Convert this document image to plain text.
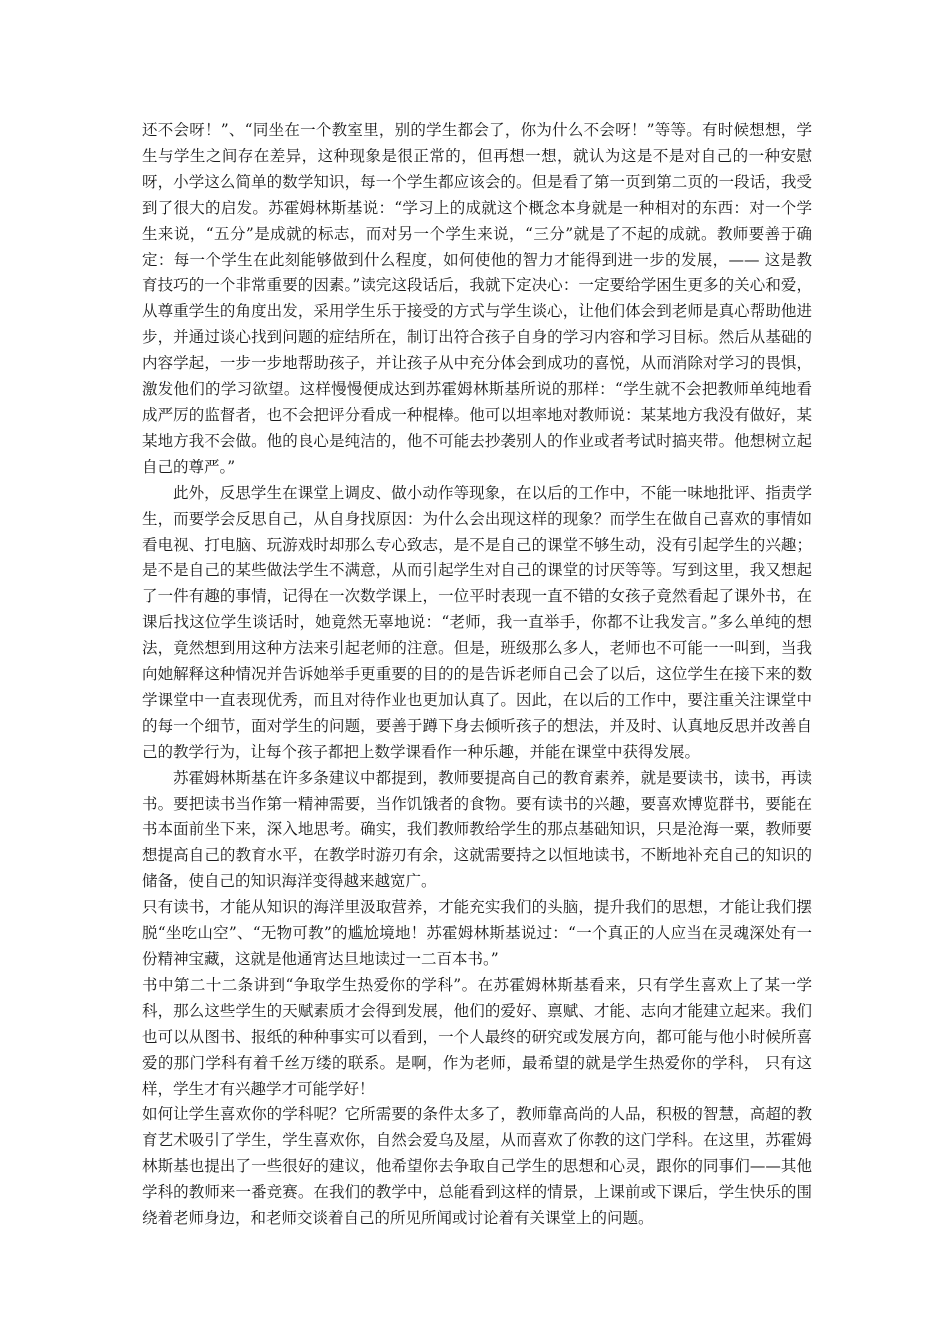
还不会呀！”、“同坐在一个教室里，别的学生都会了，你为什么不会呀！”等等。有时候想想，学生与学生之间存在差异，这种现象是很正常的，但再想一想，就认为这是不是对自己的一种安慰呀，小学这么简单的数学知识，每一个学生都应该会的。但是看了第一页到第二页的一段话，我受到了很大的启发。苏霍姆林斯基说：“学习上的成就这个概念本身就是一种相对的东西：对一个学生来说，“五分”是成就的标志，而对另一个学生来说，“三分”就是了不起的成就。教师要善于确定：每一个学生在此刻能够做到什么程度，如何使他的智力才能得到进一步的发展，—— 这是教育技巧的一个非常重要的因素。”读完这段话后，我就下定决心：一定要给学困生更多的关心和爱，从尊重学生的角度出发，采用学生乐于接受的方式与学生谈心，让他们体会到老师是真心帮助他进步，并通过谈心找到问题的症结所在，制订出符合孩子自身的学习内容和学习目标。然后从基础的内容学起，一步一步地帮助孩子，并让孩子从中充分体会到成功的喜悦，从而消除对学习的畏惧，激发他们的学习欲望。这样慢慢便成达到苏霍姆林斯基所说的那样：“学生就不会把教师单纯地看成严厉的监督者，也不会把评分看成一种棍棒。他可以坦率地对教师说：某某地方我没有做好，某某地方我不会做。他的良心是纯洁的，他不可能去抄袭别人的作业或者考试时搞夹带。他想树立起自己的尊严。”

此外，反思学生在课堂上调皮、做小动作等现象，在以后的工作中，不能一味地批评、指责学生，而要学会反思自己，从自身找原因：为什么会出现这样的现象？而学生在做自己喜欢的事情如看电视、打电脑、玩游戏时却那么专心致志，是不是自己的课堂不够生动，没有引起学生的兴趣；是不是自己的某些做法学生不满意，从而引起学生对自己的课堂的讨厌等等。写到这里，我又想起了一件有趣的事情，记得在一次数学课上，一位平时表现一直不错的女孩子竟然看起了课外书，在课后找这位学生谈话时，她竟然无辜地说：“老师，我一直举手，你都不让我发言。”多么单纯的想法，竟然想到用这种方法来引起老师的注意。但是，班级那么多人，老师也不可能一一叫到，当我向她解释这种情况并告诉她举手更重要的目的的是告诉老师自己会了以后，这位学生在接下来的数学课堂中一直表现优秀，而且对待作业也更加认真了。因此，在以后的工作中，要注重关注课堂中的每一个细节，面对学生的问题，要善于蹲下身去倾听孩子的想法，并及时、认真地反思并改善自己的教学行为，让每个孩子都把上数学课看作一种乐趣，并能在课堂中获得发展。

苏霍姆林斯基在许多条建议中都提到，教师要提高自己的教育素养，就是要读书，读书，再读书。要把读书当作第一精神需要，当作饥饿者的食物。要有读书的兴趣，要喜欢博览群书，要能在书本面前坐下来，深入地思考。确实，我们教师教给学生的那点基础知识，只是沧海一粟，教师要想提高自己的教育水平，在教学时游刃有余，这就需要持之以恒地读书，不断地补充自己的知识的储备，使自己的知识海洋变得越来越宽广。

只有读书，才能从知识的海洋里汲取营养，才能充实我们的头脑，提升我们的思想，才能让我们摆脱“坐吃山空”、“无物可教”的尴尬境地！苏霍姆林斯基说过：“一个真正的人应当在灵魂深处有一份精神宝藏，这就是他通宵达旦地读过一二百本书。”

书中第二十二条讲到“争取学生热爱你的学科”。在苏霍姆林斯基看来，只有学生喜欢上了某一学科，那么这些学生的天赋素质才会得到发展，他们的爱好、禀赋、才能、志向才能建立起来。我们也可以从图书、报纸的种种事实可以看到，一个人最终的研究或发展方向，都可能与他小时候所喜爱的那门学科有着千丝万缕的联系。是啊，作为老师，最希望的就是学生热爱你的学科， 只有这样，学生才有兴趣学才可能学好！

如何让学生喜欢你的学科呢？它所需要的条件太多了，教师靠高尚的人品，积极的智慧，高超的教育艺术吸引了学生，学生喜欢你，自然会爱乌及屋，从而喜欢了你教的这门学科。在这里，苏霍姆林斯基也提出了一些很好的建议，他希望你去争取自己学生的思想和心灵，跟你的同事们——其他学科的教师来一番竞赛。在我们的教学中，总能看到这样的情景，上课前或下课后，学生快乐的围绕着老师身边，和老师交谈着自己的所见所闻或讨论着有关课堂上的问题。
